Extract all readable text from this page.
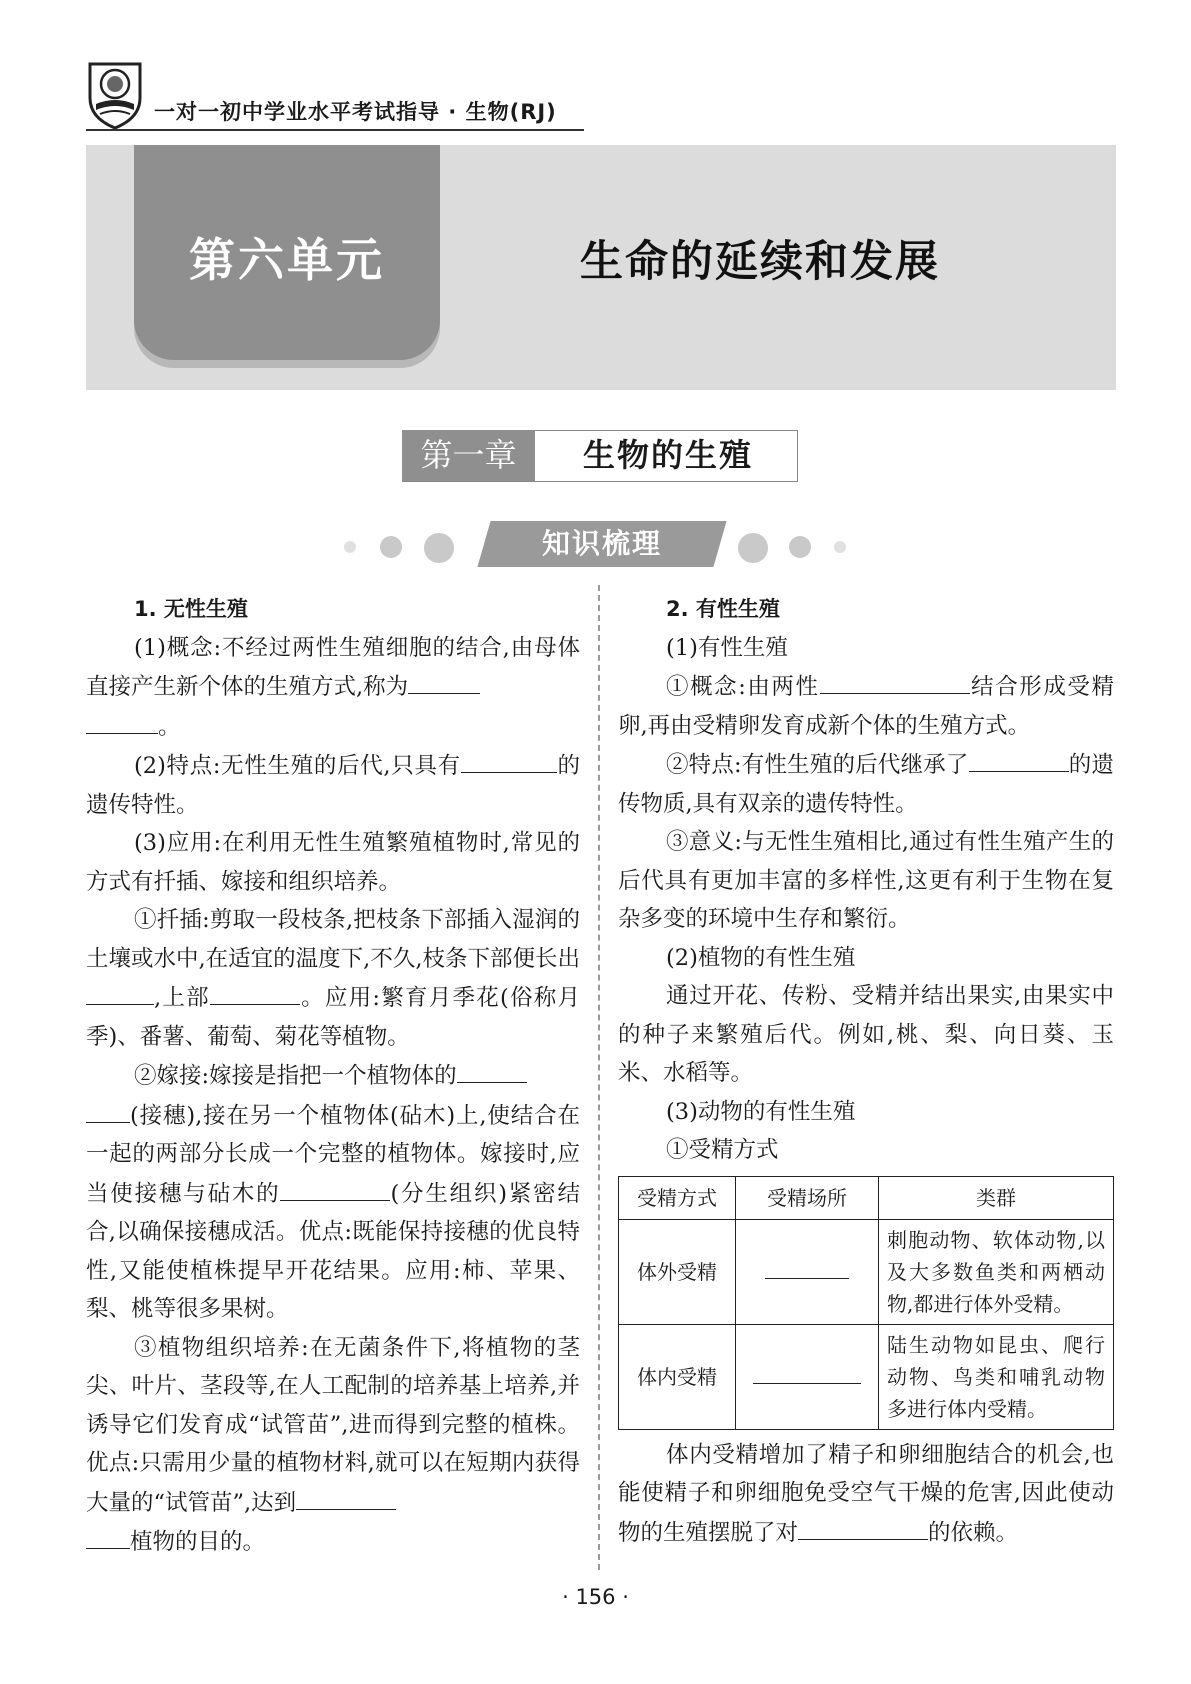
一对一初中学业水平考试指导 · 生物(RJ)
第六单元	生命的延续和发展
第一章	生物的生殖
知识梳理

1. 无性生殖

(1)概念:不经过两性生殖细胞的结合,由母体直接产生新个体的生殖方式,称为
。

(2)特点:无性生殖的后代,只具有	的遗传特性。

(3)应用:在利用无性生殖繁殖植物时,常见的方式有扦插、嫁接和组织培养。

①扦插:剪取一段枝条,把枝条下部插入湿润的土壤或水中,在适宜的温度下,不久,枝条下部便长出,上部	。应用:繁育月季花(俗称月季)、番薯、葡萄、菊花等植物。

②嫁接:嫁接是指把一个植物体的
(接穗),接在另一个植物体(砧木)上,使结合在一起的两部分长成一个完整的植物体。嫁接时,应当使接穗与砧木的	(分生组织)紧密结合,以确保接穗成活。优点:既能保持接穗的优良特性,又能使植株提早开花结果。应用:柿、苹果、梨、桃等很多果树。

③植物组织培养:在无菌条件下,将植物的茎尖、叶片、茎段等,在人工配制的培养基上培养,并诱导它们发育成“试管苗”,进而得到完整的植株。优点:只需用少量的植物材料,就可以在短期内获得大量的“试管苗”,达到
植物的目的。

2. 有性生殖

(1)有性生殖

①概念:由两性	结合形成受精卵,再由受精卵发育成新个体的生殖方式。

②特点:有性生殖的后代继承了	的遗传物质,具有双亲的遗传特性。

③意义:与无性生殖相比,通过有性生殖产生的后代具有更加丰富的多样性,这更有利于生物在复杂多变的环境中生存和繁衍。

(2)植物的有性生殖

通过开花、传粉、受精并结出果实,由果实中的种子来繁殖后代。例如,桃、梨、向日葵、玉米、水稻等。

(3)动物的有性生殖

①受精方式

受精方式	受精场所	类群
体外受精		刺胞动物、软体动物,以及大多数鱼类和两栖动物,都进行体外受精。
体内受精		陆生动物如昆虫、爬行动物、鸟类和哺乳动物多进行体内受精。

体内受精增加了精子和卵细胞结合的机会,也能使精子和卵细胞免受空气干燥的危害,因此使动物的生殖摆脱了对	的依赖。

· 156 ·
